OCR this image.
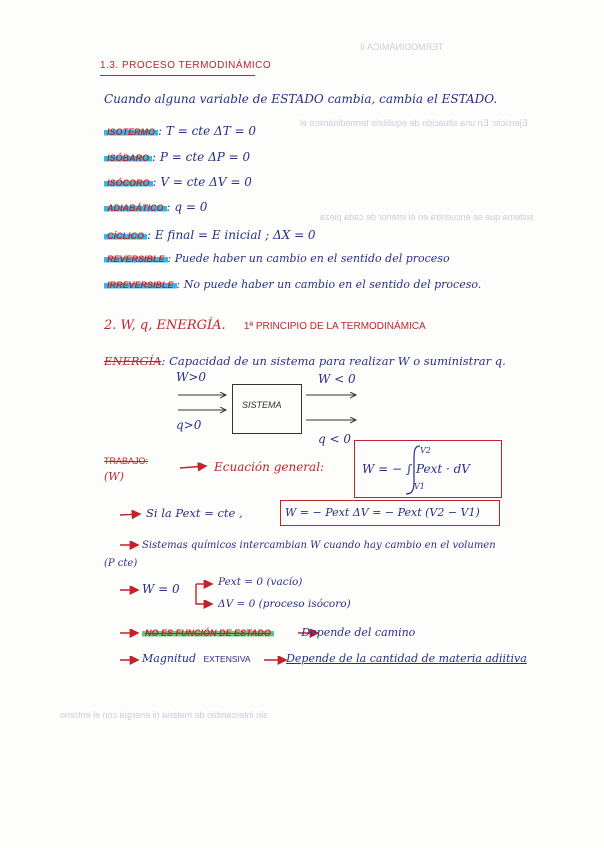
TERMODINÁMICA II
Ejercicio: En una situación de equilibrio termodinámico el
sistema que se encuentra en el interior de cada pieza
sin intercambio de materia ni energía con el entorno
1.3. PROCESO TERMODINÁMICO
Cuando alguna variable de ESTADO cambia, cambia el ESTADO.
ISOTERMO : T = cte ΔT = 0
ISÓBARO : P = cte ΔP = 0
ISÓCORO : V = cte ΔV = 0
ADIABÁTICO : q = 0
CÍCLICO : E final = E inicial ; ΔX = 0
REVERSIBLE : Puede haber un cambio en el sentido del proceso
IRREVERSIBLE : No puede haber un cambio en el sentido del proceso.
2. W, q, ENERGÍA. 1ª PRINCIPIO DE LA TERMODINÁMICA
ENERGÍA: Capacidad de un sistema para realizar W o suministrar q.
W>0
q>0
SISTEMA
W < 0
q < 0
TRABAJO:
(W)
Ecuación general:	W = − ∫ Pext · dV
V2
V1
Si la Pext = cte ,	W = − Pext ΔV = − Pext (V2 − V1)
Sistemas químicos intercambian W cuando hay cambio en el volumen
(P cte)
W = 0	Pext = 0 (vacío)
ΔV = 0 (proceso isócoro)
NO ES FUNCIÓN DE ESTADO	Depende del camino
Magnitud EXTENSIVA	Depende de la cantidad de materia adiitiva
